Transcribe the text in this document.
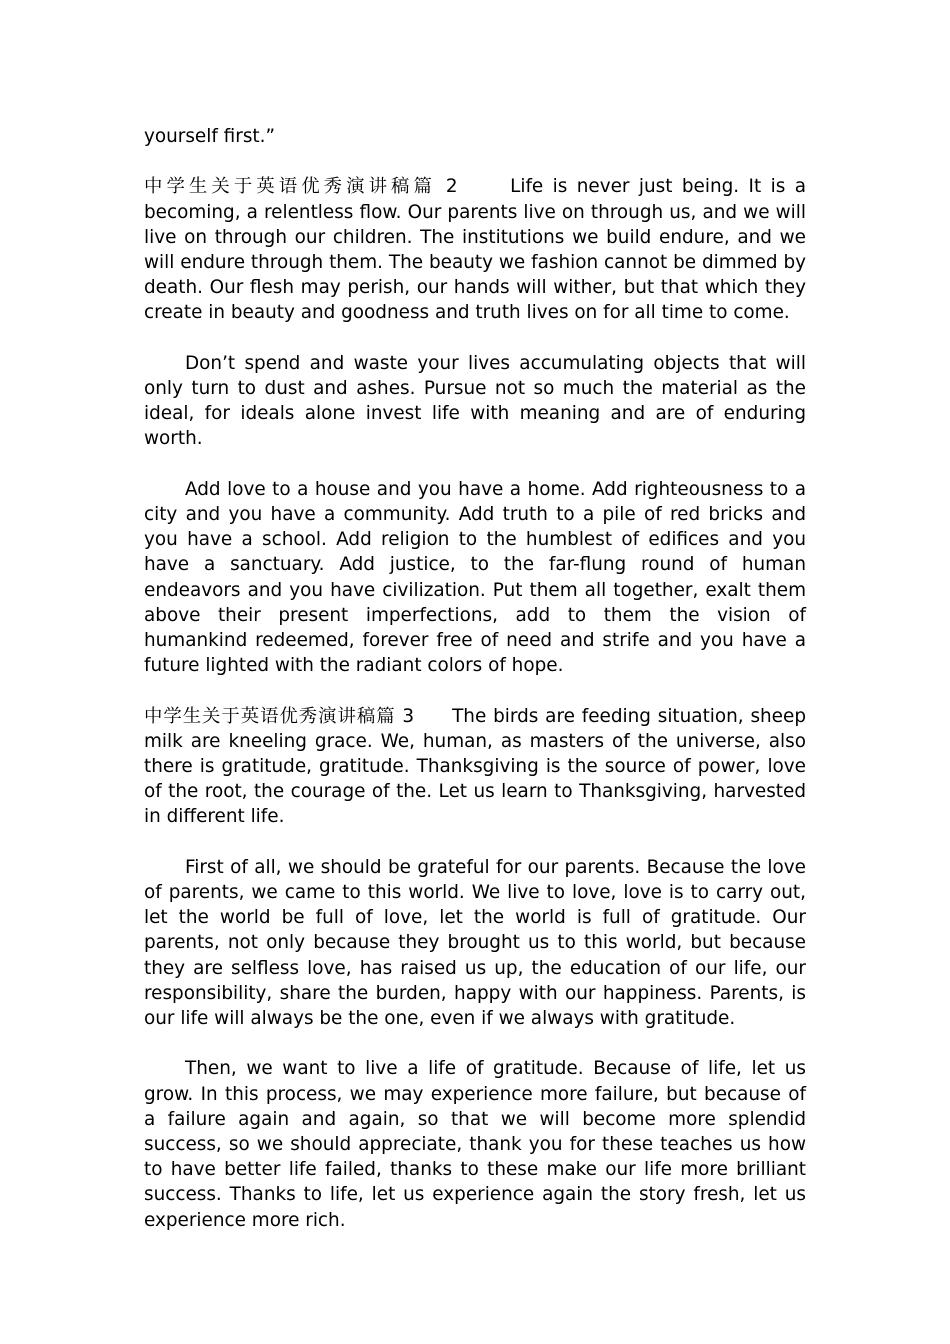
yourself first.”

中学生关于英语优秀演讲稿篇 2	Life is never just being. It is a becoming, a relentless flow. Our parents live on through us, and we will live on through our children. The institutions we build endure, and we will endure through them. The beauty we fashion cannot be dimmed by death. Our flesh may perish, our hands will wither, but that which they create in beauty and goodness and truth lives on for all time to come.

Don’t spend and waste your lives accumulating objects that will only turn to dust and ashes. Pursue not so much the material as the ideal, for ideals alone invest life with meaning and are of enduring worth.

Add love to a house and you have a home. Add righteousness to a city and you have a community. Add truth to a pile of red bricks and you have a school. Add religion to the humblest of edifices and you have a sanctuary. Add justice, to the far-flung round of human endeavors and you have civilization. Put them all together, exalt them above their present imperfections, add to them the vision of humankind redeemed, forever free of need and strife and you have a future lighted with the radiant colors of hope.

中学生关于英语优秀演讲稿篇 3 The birds are feeding situation, sheep milk are kneeling grace. We, human, as masters of the universe, also there is gratitude, gratitude. Thanksgiving is the source of power, love of the root, the courage of the. Let us learn to Thanksgiving, harvested in different life.

First of all, we should be grateful for our parents. Because the love of parents, we came to this world. We live to love, love is to carry out, let the world be full of love, let the world is full of gratitude. Our parents, not only because they brought us to this world, but because they are selfless love, has raised us up, the education of our life, our responsibility, share the burden, happy with our happiness. Parents, is our life will always be the one, even if we always with gratitude.

Then, we want to live a life of gratitude. Because of life, let us grow. In this process, we may experience more failure, but because of a failure again and again, so that we will become more splendid success, so we should appreciate, thank you for these teaches us how to have better life failed, thanks to these make our life more brilliant success. Thanks to life, let us experience again the story fresh, let us experience more rich.
